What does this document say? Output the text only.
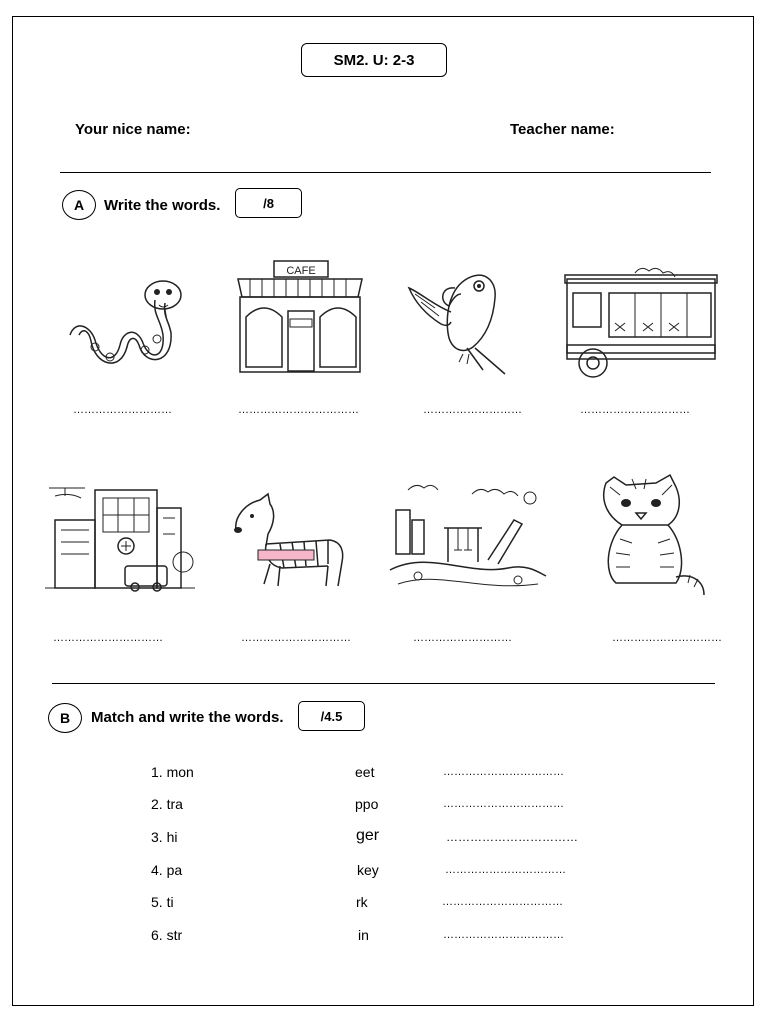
SM2. U: 2-3
Your nice name:	Teacher name:
A	Write the words.	/8
CAFE
………………………	……………………………	………………………	…………………………
…………………………	…………………………	………………………	…………………………
B	Match and write the words.	/4.5
1. mon	eet	……………………………
2. tra	ppo	……………………………
3. hi	ger	……………………………
4. pa	key	……………………………
5. ti	rk	……………………………
6. str	in	……………………………
